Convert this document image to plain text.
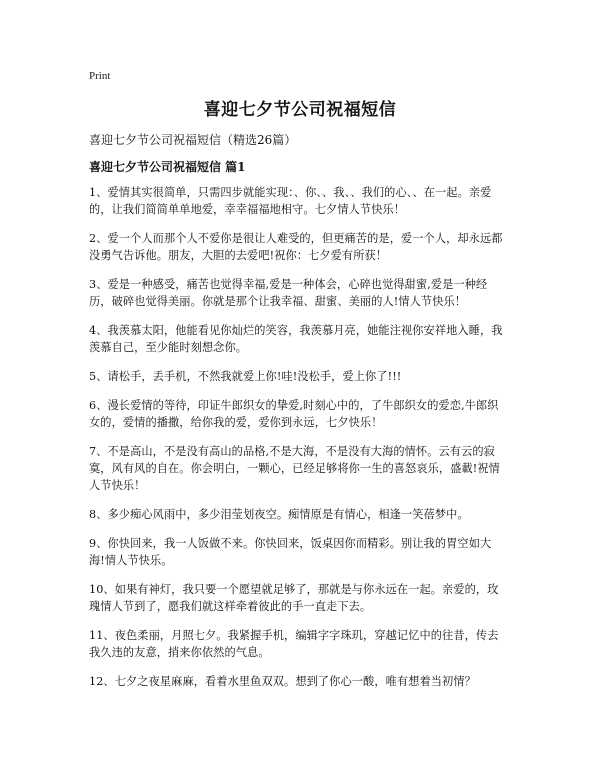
Print
喜迎七夕节公司祝福短信
喜迎七夕节公司祝福短信（精选26篇）
喜迎七夕节公司祝福短信 篇1

1、爱情其实很简单，只需四步就能实现：、你、、我、、我们的心、、在一起。亲爱的，让我们简简单单地爱，幸幸福福地相守。七夕情人节快乐！

2、爱一个人而那个人不爱你是很让人难受的，但更痛苦的是，爱一个人，却永远都没勇气告诉他。朋友，大胆的去爱吧!祝你：七夕爱有所获！

3、爱是一种感受，痛苦也觉得幸福,爱是一种体会，心碎也觉得甜蜜,爱是一种经历，破碎也觉得美丽。你就是那个让我幸福、甜蜜、美丽的人!情人节快乐！

4、我羡慕太阳，他能看见你灿烂的笑容，我羡慕月亮，她能注视你安祥地入睡，我羡慕自己，至少能时刻想念你。

5、请松手，丢手机，不然我就爱上你!哇!没松手，爱上你了!!!

6、漫长爱情的等待，印证牛郎织女的挚爱,时刻心中的，了牛郎织女的爱恋,牛郎织女的，爱情的播撒，给你我的爱，爱你到永远，七夕快乐！

7、不是高山，不是没有高山的品格,不是大海，不是没有大海的情怀。云有云的寂寞，风有风的自在。你会明白，一颗心，已经足够将你一生的喜怒哀乐，盛載!祝情人节快乐！

8、多少痴心风雨中，多少泪莹划夜空。痴情原是有情心，相逢一笑蓓梦中。

9、你快回来，我一人饭做不来。你快回来，饭桌因你而精彩。别让我的胃空如大海!情人节快乐。

10、如果有神灯，我只要一个愿望就足够了，那就是与你永远在一起。亲爱的，玫瑰情人节到了，愿我们就这样牵着彼此的手一直走下去。

11、夜色柔丽，月照七夕。我紧握手机，编辑字字珠玑，穿越记忆中的往昔，传去我久违的友意，捎来你依然的气息。

12、七夕之夜星麻麻，看着水里鱼双双。想到了你心一酸，唯有想着当初情？
